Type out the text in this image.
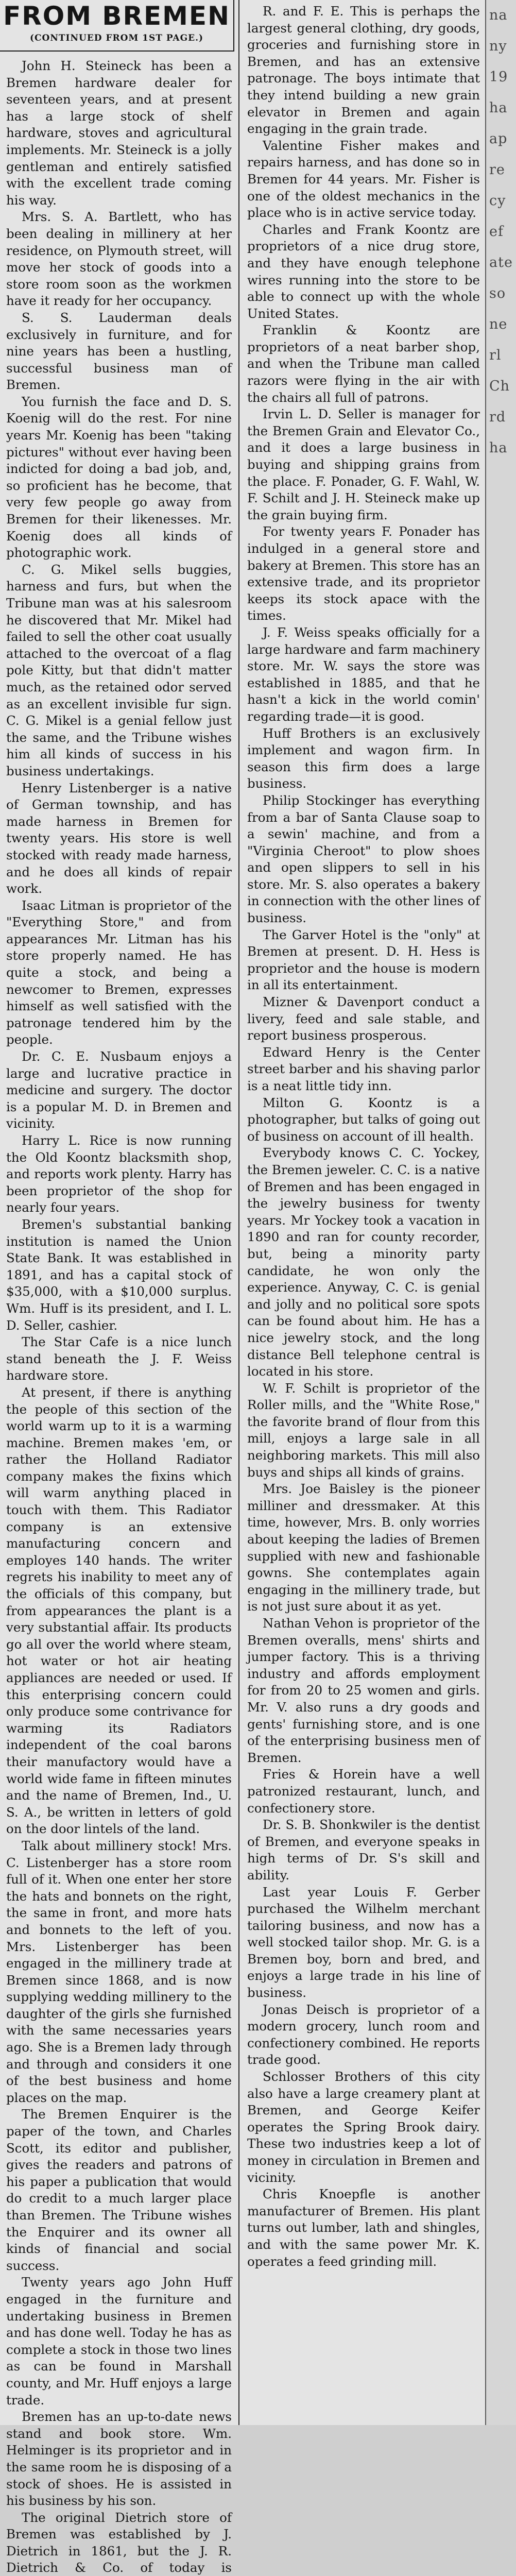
FROM BREMEN
(CONTINUED FROM 1ST PAGE.)

John H. Steineck has been a Bremen hardware dealer for seventeen years, and at present has a large stock of shelf hardware, stoves and agricultural implements. Mr. Steineck is a jolly gentleman and entirely satisfied with the excellent trade coming his way.

Mrs. S. A. Bartlett, who has been dealing in millinery at her residence, on Plymouth street, will move her stock of goods into a store room soon as the workmen have it ready for her occupancy.

S. S. Lauderman deals exclusively in furniture, and for nine years has been a hustling, successful business man of Bremen.

You furnish the face and D. S. Koenig will do the rest. For nine years Mr. Koenig has been "taking pictures" without ever having been indicted for doing a bad job, and, so proficient has he become, that very few people go away from Bremen for their likenesses. Mr. Koenig does all kinds of photographic work.

C. G. Mikel sells buggies, harness and furs, but when the Tribune man was at his salesroom he discovered that Mr. Mikel had failed to sell the other coat usually attached to the overcoat of a flag pole Kitty, but that didn't matter much, as the retained odor served as an excellent invisible fur sign. C. G. Mikel is a genial fellow just the same, and the Tribune wishes him all kinds of success in his business undertakings.

Henry Listenberger is a native of German township, and has made harness in Bremen for twenty years. His store is well stocked with ready made harness, and he does all kinds of repair work.

Isaac Litman is proprietor of the "Everything Store," and from appearances Mr. Litman has his store properly named. He has quite a stock, and being a newcomer to Bremen, expresses himself as well satisfied with the patronage tendered him by the people.

Dr. C. E. Nusbaum enjoys a large and lucrative practice in medicine and surgery. The doctor is a popular M. D. in Bremen and vicinity.

Harry L. Rice is now running the Old Koontz blacksmith shop, and reports work plenty. Harry has been proprietor of the shop for nearly four years.

Bremen's substantial banking institution is named the Union State Bank. It was established in 1891, and has a capital stock of $35,000, with a $10,000 surplus. Wm. Huff is its president, and I. L. D. Seller, cashier.

The Star Cafe is a nice lunch stand beneath the J. F. Weiss hardware store.

At present, if there is anything the people of this section of the world warm up to it is a warming machine. Bremen makes 'em, or rather the Holland Radiator company makes the fixins which will warm anything placed in touch with them. This Radiator company is an extensive manufacturing concern and employes 140 hands. The writer regrets his inability to meet any of the officials of this company, but from appearances the plant is a very substantial affair. Its products go all over the world where steam, hot water or hot air heating appliances are needed or used. If this enterprising concern could only produce some contrivance for warming its Radiators independent of the coal barons their manufactory would have a world wide fame in fifteen minutes and the name of Bremen, Ind., U. S. A., be written in letters of gold on the door lintels of the land.

Talk about millinery stock! Mrs. C. Listenberger has a store room full of it. When one enter her store the hats and bonnets on the right, the same in front, and more hats and bonnets to the left of you. Mrs. Listenberger has been engaged in the millinery trade at Bremen since 1868, and is now supplying wedding millinery to the daughter of the girls she furnished with the same necessaries years ago. She is a Bremen lady through and through and considers it one of the best business and home places on the map.

The Bremen Enquirer is the paper of the town, and Charles Scott, its editor and publisher, gives the readers and patrons of his paper a publication that would do credit to a much larger place than Bremen. The Tribune wishes the Enquirer and its owner all kinds of financial and social success.

Twenty years ago John Huff engaged in the furniture and undertaking business in Bremen and has done well. Today he has as complete a stock in those two lines as can be found in Marshall county, and Mr. Huff enjoys a large trade.

Bremen has an up-to-date news stand and book store. Wm. Helminger is its proprietor and in the same room he is disposing of a stock of shoes. He is assisted in his business by his son.

The original Dietrich store of Bremen was established by J. Dietrich in 1861, but the J. R. Dietrich & Co. of today is

R. and F. E. This is perhaps the largest general clothing, dry goods, groceries and furnishing store in Bremen, and has an extensive patronage. The boys intimate that they intend building a new grain elevator in Bremen and again engaging in the grain trade.

Valentine Fisher makes and repairs harness, and has done so in Bremen for 44 years. Mr. Fisher is one of the oldest mechanics in the place who is in active service today.

Charles and Frank Koontz are proprietors of a nice drug store, and they have enough telephone wires running into the store to be able to connect up with the whole United States.

Franklin & Koontz are proprietors of a neat barber shop, and when the Tribune man called razors were flying in the air with the chairs all full of patrons.

Irvin L. D. Seller is manager for the Bremen Grain and Elevator Co., and it does a large business in buying and shipping grains from the place. F. Ponader, G. F. Wahl, W. F. Schilt and J. H. Steineck make up the grain buying firm.

For twenty years F. Ponader has indulged in a general store and bakery at Bremen. This store has an extensive trade, and its proprietor keeps its stock apace with the times.

J. F. Weiss speaks officially for a large hardware and farm machinery store. Mr. W. says the store was established in 1885, and that he hasn't a kick in the world comin' regarding trade—it is good.

Huff Brothers is an exclusively implement and wagon firm. In season this firm does a large business.

Philip Stockinger has everything from a bar of Santa Clause soap to a sewin' machine, and from a "Virginia Cheroot" to plow shoes and open slippers to sell in his store. Mr. S. also operates a bakery in connection with the other lines of business.

The Garver Hotel is the "only" at Bremen at present. D. H. Hess is proprietor and the house is modern in all its entertainment.

Mizner & Davenport conduct a livery, feed and sale stable, and report business prosperous.

Edward Henry is the Center street barber and his shaving parlor is a neat little tidy inn.

Milton G. Koontz is a photographer, but talks of going out of business on account of ill health.

Everybody knows C. C. Yockey, the Bremen jeweler. C. C. is a native of Bremen and has been engaged in the jewelry business for twenty years. Mr Yockey took a vacation in 1890 and ran for county recorder, but, being a minority party candidate, he won only the experience. Anyway, C. C. is genial and jolly and no political sore spots can be found about him. He has a nice jewelry stock, and the long distance Bell telephone central is located in his store.

W. F. Schilt is proprietor of the Roller mills, and the "White Rose," the favorite brand of flour from this mill, enjoys a large sale in all neighboring markets. This mill also buys and ships all kinds of grains.

Mrs. Joe Baisley is the pioneer milliner and dressmaker. At this time, however, Mrs. B. only worries about keeping the ladies of Bremen supplied with new and fashionable gowns. She contemplates again engaging in the millinery trade, but is not just sure about it as yet.

Nathan Vehon is proprietor of the Bremen overalls, mens' shirts and jumper factory. This is a thriving industry and affords employment for from 20 to 25 women and girls. Mr. V. also runs a dry goods and gents' furnishing store, and is one of the enterprising business men of Bremen.

Fries & Horein have a well patronized restaurant, lunch, and confectionery store.

Dr. S. B. Shonkwiler is the dentist of Bremen, and everyone speaks in high terms of Dr. S's skill and ability.

Last year Louis F. Gerber purchased the Wilhelm merchant tailoring business, and now has a well stocked tailor shop. Mr. G. is a Bremen boy, born and bred, and enjoys a large trade in his line of business.

Jonas Deisch is proprietor of a modern grocery, lunch room and confectionery combined. He reports trade good.

Schlosser Brothers of this city also have a large creamery plant at Bremen, and George Keifer operates the Spring Brook dairy. These two industries keep a lot of money in circulation in Bremen and vicinity.

Chris Knoepfle is another manufacturer of Bremen. His plant turns out lumber, lath and shingles, and with the same power Mr. K. operates a feed grinding mill.

na
ny
19
ha
ap
re
cy
ef
ate
so
ne
rl
Ch
rd
ha
